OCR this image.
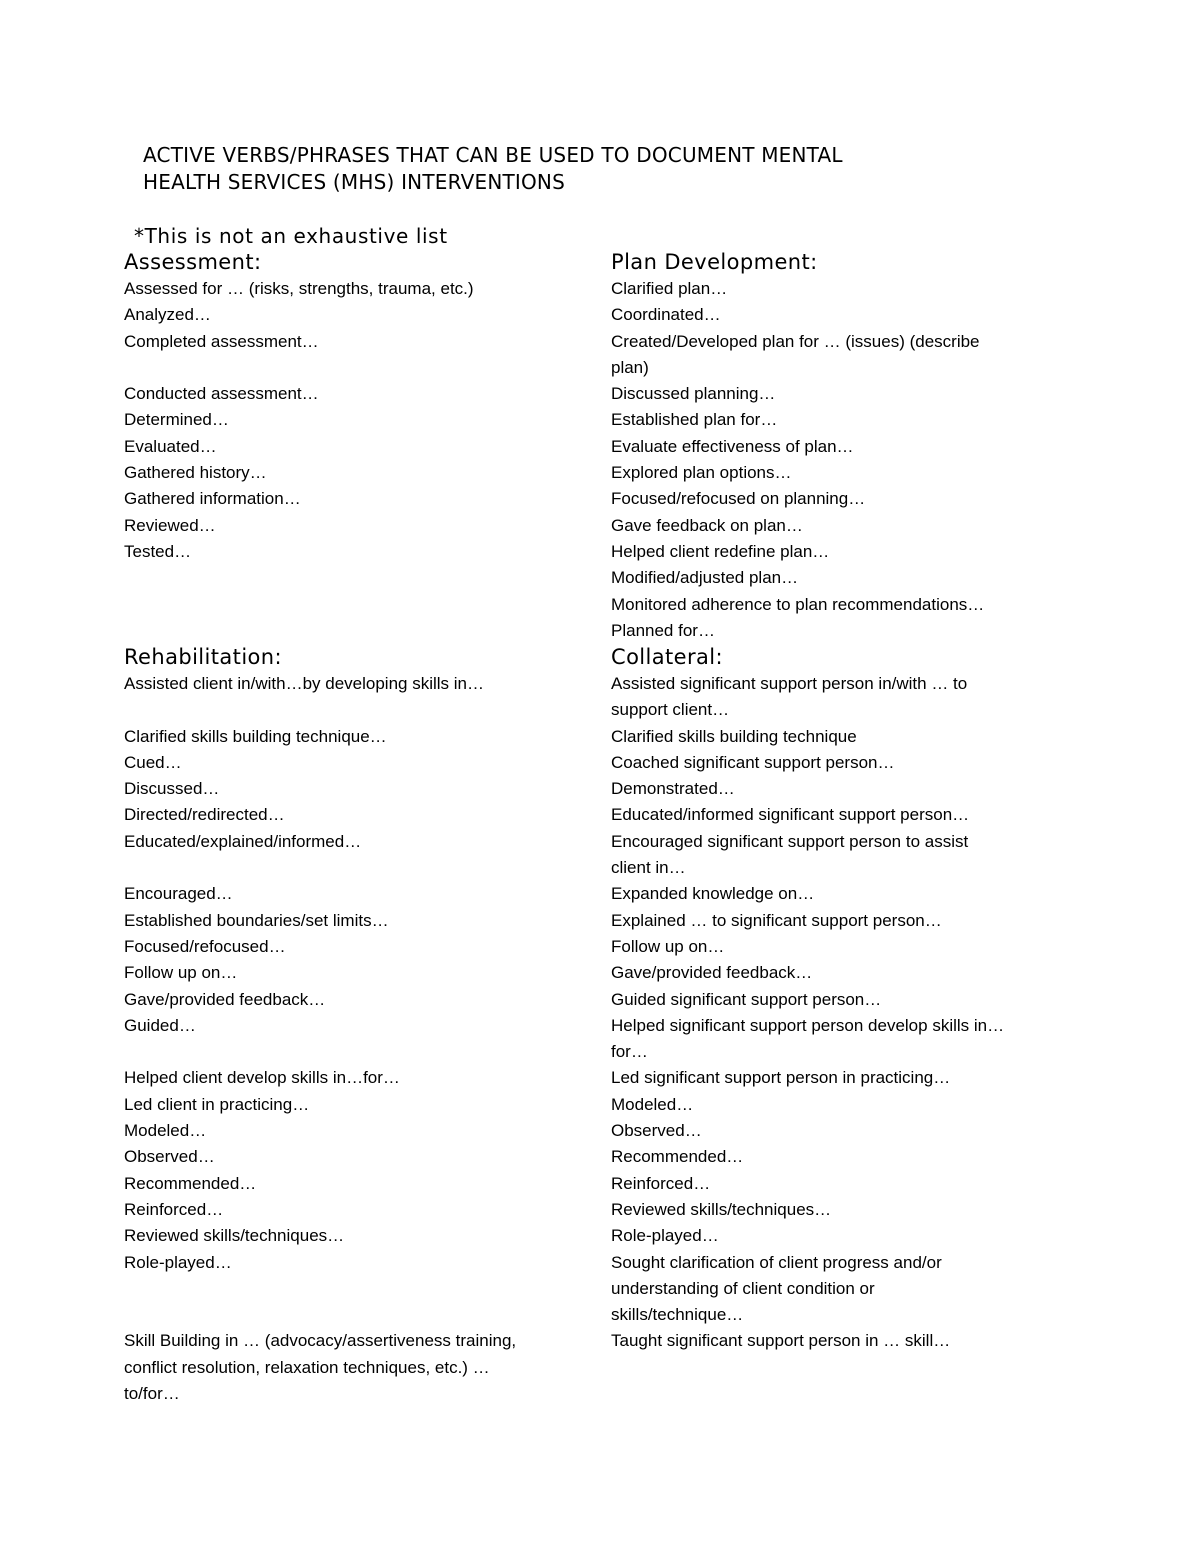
ACTIVE VERBS/PHRASES THAT CAN BE USED TO DOCUMENT MENTAL
HEALTH SERVICES (MHS) INTERVENTIONS
*This is not an exhaustive list
Assessment:
Assessed for … (risks, strengths, trauma, etc.)
Analyzed…
Completed assessment…
Conducted assessment…
Determined…
Evaluated…
Gathered history…
Gathered information…
Reviewed…
Tested…
Plan Development:
Clarified plan…
Coordinated…
Created/Developed plan for … (issues) (describe
plan)
Discussed planning…
Established plan for…
Evaluate effectiveness of plan…
Explored plan options…
Focused/refocused on planning…
Gave feedback on plan…
Helped client redefine plan…
Modified/adjusted plan…
Monitored adherence to plan recommendations…
Planned for…
Rehabilitation:
Assisted client in/with…by developing skills in…
Clarified skills building technique…
Cued…
Discussed…
Directed/redirected…
Educated/explained/informed…
Encouraged…
Established boundaries/set limits…
Focused/refocused…
Follow up on…
Gave/provided feedback…
Guided…
Helped client develop skills in…for…
Led client in practicing…
Modeled…
Observed…
Recommended…
Reinforced…
Reviewed skills/techniques…
Role-played…
Skill Building in … (advocacy/assertiveness training,
conflict resolution, relaxation techniques, etc.) …
to/for…
Collateral:
Assisted significant support person in/with … to
support client…
Clarified skills building technique
Coached significant support person…
Demonstrated…
Educated/informed significant support person…
Encouraged significant support person to assist
client in…
Expanded knowledge on…
Explained … to significant support person…
Follow up on…
Gave/provided feedback…
Guided significant support person…
Helped significant support person develop skills in…
for…
Led significant support person in practicing…
Modeled…
Observed…
Recommended…
Reinforced…
Reviewed skills/techniques…
Role-played…
Sought clarification of client progress and/or
understanding of client condition or
skills/technique…
Taught significant support person in … skill…
